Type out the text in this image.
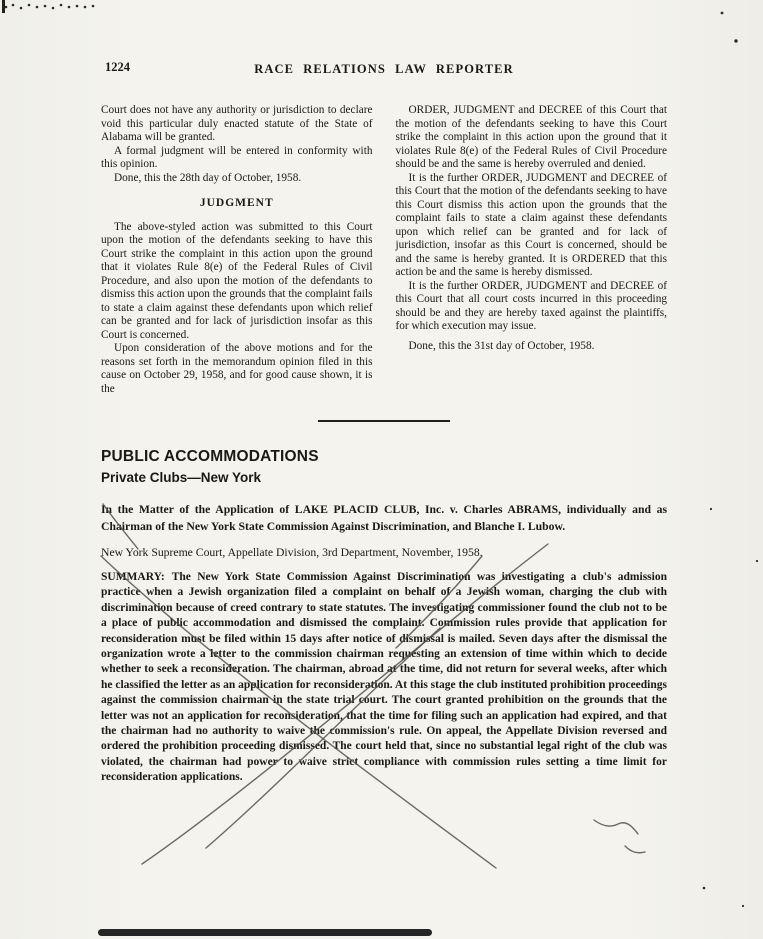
1224	RACE RELATIONS LAW REPORTER

Court does not have any authority or jurisdiction to declare void this particular duly enacted statute of the State of Alabama will be granted.

A formal judgment will be entered in conformity with this opinion.

Done, this the 28th day of October, 1958.

JUDGMENT

The above-styled action was submitted to this Court upon the motion of the defendants seeking to have this Court strike the complaint in this action upon the ground that it violates Rule 8(e) of the Federal Rules of Civil Procedure, and also upon the motion of the defendants to dismiss this action upon the grounds that the complaint fails to state a claim against these defendants upon which relief can be granted and for lack of jurisdiction insofar as this Court is concerned.

Upon consideration of the above motions and for the reasons set forth in the memorandum opinion filed in this cause on October 29, 1958, and for good cause shown, it is the

ORDER, JUDGMENT and DECREE of this Court that the motion of the defendants seeking to have this Court strike the complaint in this action upon the ground that it violates Rule 8(e) of the Federal Rules of Civil Procedure should be and the same is hereby overruled and denied.

It is the further ORDER, JUDGMENT and DECREE of this Court that the motion of the defendants seeking to have this Court dismiss this action upon the grounds that the complaint fails to state a claim against these defendants upon which relief can be granted and for lack of jurisdiction, insofar as this Court is concerned, should be and the same is hereby granted. It is ORDERED that this action be and the same is hereby dismissed.

It is the further ORDER, JUDGMENT and DECREE of this Court that all court costs incurred in this proceeding should be and they are hereby taxed against the plaintiffs, for which execution may issue.

Done, this the 31st day of October, 1958.

PUBLIC ACCOMMODATIONS
Private Clubs—New York

In the Matter of the Application of LAKE PLACID CLUB, Inc. v. Charles ABRAMS, individually and as Chairman of the New York State Commission Against Discrimination, and Blanche I. Lubow.

New York Supreme Court, Appellate Division, 3rd Department, November, 1958.

SUMMARY: The New York State Commission Against Discrimination was investigating a club's admission practice when a Jewish organization filed a complaint on behalf of a Jewish woman, charging the club with discrimination because of creed contrary to state statutes. The investigating commissioner found the club not to be a place of public accommodation and dismissed the complaint. Commission rules provide that application for reconsideration must be filed within 15 days after notice of dismissal is mailed. Seven days after the dismissal the organization wrote a letter to the commission chairman requesting an extension of time within which to decide whether to seek a reconsideration. The chairman, abroad at the time, did not return for several weeks, after which he classified the letter as an application for reconsideration. At this stage the club instituted prohibition proceedings against the commission chairman in the state trial court. The court granted prohibition on the grounds that the letter was not an application for reconsideration, that the time for filing such an application had expired, and that the chairman had no authority to waive the commission's rule. On appeal, the Appellate Division reversed and ordered the prohibition proceeding dismissed. The court held that, since no substantial legal right of the club was violated, the chairman had power to waive strict compliance with commission rules setting a time limit for reconsideration applications.
